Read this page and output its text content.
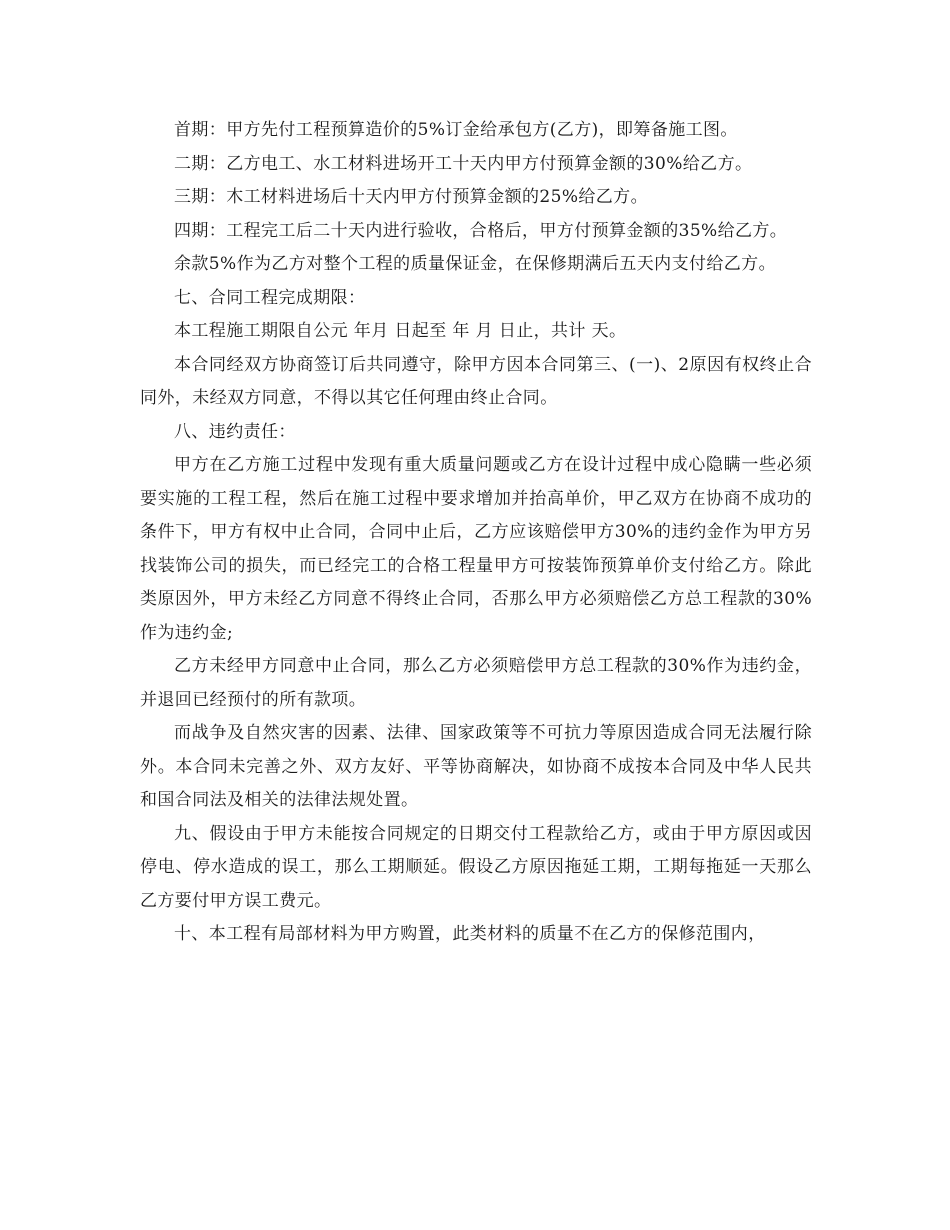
首期：甲方先付工程预算造价的5%订金给承包方(乙方)，即筹备施工图。

二期：乙方电工、水工材料进场开工十天内甲方付预算金额的30%给乙方。

三期：木工材料进场后十天内甲方付预算金额的25%给乙方。

四期：工程完工后二十天内进行验收，合格后，甲方付预算金额的35%给乙方。

余款5%作为乙方对整个工程的质量保证金，在保修期满后五天内支付给乙方。

七、合同工程完成期限：

本工程施工期限自公元 年月 日起至 年 月 日止，共计 天。

本合同经双方协商签订后共同遵守，除甲方因本合同第三、(一)、2原因有权终止合同外，未经双方同意，不得以其它任何理由终止合同。

八、违约责任：

甲方在乙方施工过程中发现有重大质量问题或乙方在设计过程中成心隐瞒一些必须要实施的工程工程，然后在施工过程中要求增加并抬高单价，甲乙双方在协商不成功的条件下，甲方有权中止合同，合同中止后，乙方应该赔偿甲方30%的违约金作为甲方另找装饰公司的损失，而已经完工的合格工程量甲方可按装饰预算单价支付给乙方。除此类原因外，甲方未经乙方同意不得终止合同，否那么甲方必须赔偿乙方总工程款的30%作为违约金;

乙方未经甲方同意中止合同，那么乙方必须赔偿甲方总工程款的30%作为违约金，并退回已经预付的所有款项。

而战争及自然灾害的因素、法律、国家政策等不可抗力等原因造成合同无法履行除外。本合同未完善之外、双方友好、平等协商解决，如协商不成按本合同及中华人民共和国合同法及相关的法律法规处置。

九、假设由于甲方未能按合同规定的日期交付工程款给乙方，或由于甲方原因或因停电、停水造成的误工，那么工期顺延。假设乙方原因拖延工期，工期每拖延一天那么乙方要付甲方误工费元。

十、本工程有局部材料为甲方购置，此类材料的质量不在乙方的保修范围内，
